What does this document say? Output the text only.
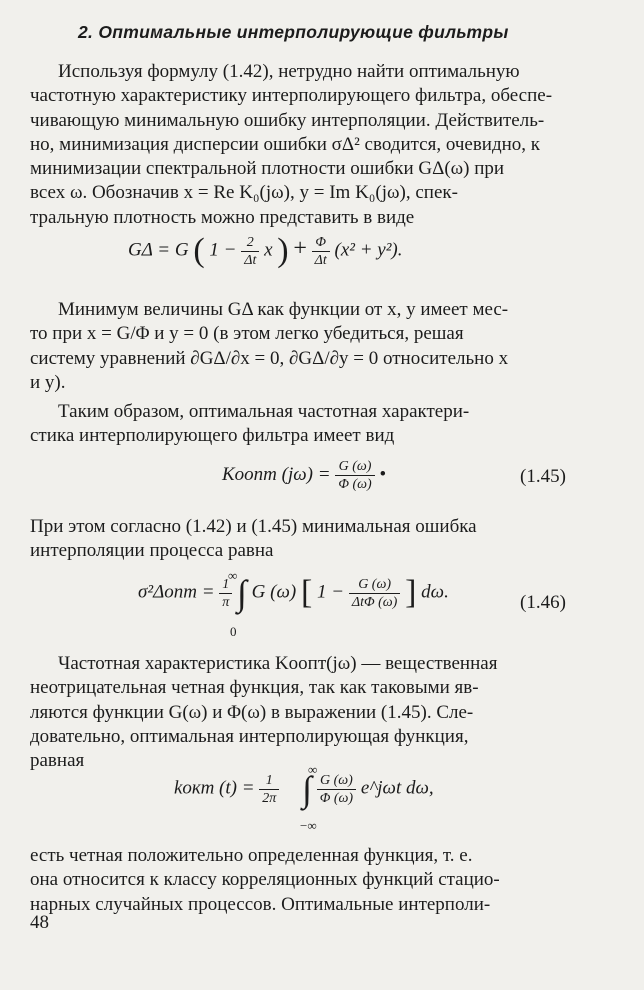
2. Оптимальные интерполирующие фильтры
Используя формулу (1.42), нетрудно найти оптимальную
частотную характеристику интерполирующего фильтра, обеспе-
чивающую минимальную ошибку интерполяции. Действитель-
но, минимизация дисперсии ошибки σΔ² сводится, очевидно, к
минимизации спектральной плотности ошибки GΔ(ω) при
всех ω. Обозначив x = Re K₀(jω), y = Im K₀(jω), спек-
тральную плотность можно представить в виде
GΔ = G ( $1 - \frac{2}{\Delta t}$ x ) + $\frac{\Phi}{\Delta t} (x^2 + y^2)$.
Минимум величины GΔ как функции от x, y имеет мес-
то при x = G/Φ и y = 0 (в этом легко убедиться, решая
систему уравнений ∂GΔ/∂x = 0, ∂GΔ/∂y = 0 относительно x
и y).
Таким образом, оптимальная частотная характери-
стика интерполирующего фильтра имеет вид
Kоопт $(j\omega) = \frac{G (\omega)}{\Phi (\omega)}$ •	(1.45)
При этом согласно (1.42) и (1.45) минимальная ошибка
интерполяции процесса равна
$\sigma^2\Delta опт = \frac{1}{\pi}$ ∫ G (ω) [ $1 - \frac{G (\omega)}{\text{ΔtΦ (ω)}}$ ] dω.
∞
0
(1.46)
Частотная характеристика Kоопт(jω) — вещественная
неотрицательная четная функция, так как таковыми яв-
ляются функции G(ω) и Φ(ω) в выражении (1.45). Сле-
довательно, оптимальная интерполирующая функция,
равная
kокт $(t) = \frac{1}{2\pi}$ ∫ $\frac{G (\omega)}{\Phi (\omega)}$ e^jωt dω,
∞
−∞
есть четная положительно определенная функция, т. е.
она относится к классу корреляционных функций стацио-
нарных случайных процессов. Оптимальные интерполи-
48
